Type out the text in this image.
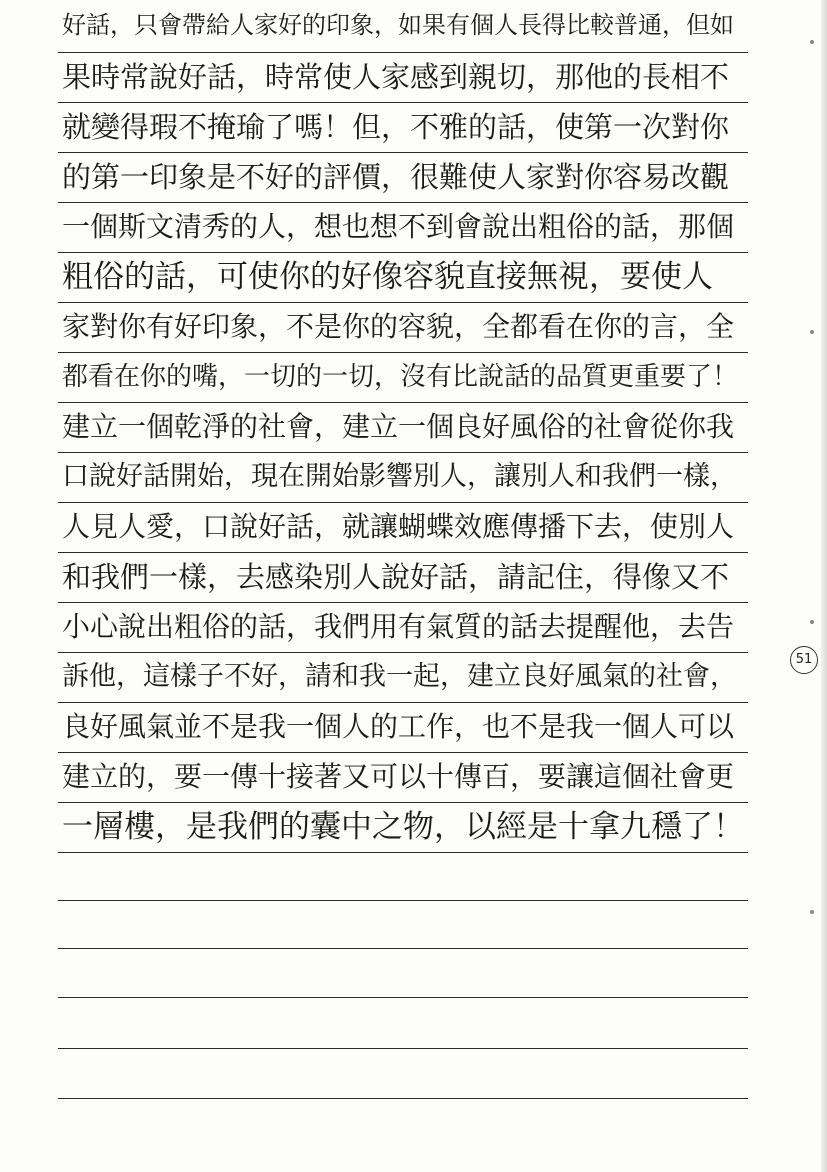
好話，只會帶給人家好的印象，如果有個人長得比較普通，但如
果時常說好話，時常使人家感到親切，那他的長相不
就變得瑕不掩瑜了嗎！但，不雅的話，使第一次對你
的第一印象是不好的評價，很難使人家對你容易改觀
一個斯文清秀的人，想也想不到會說出粗俗的話，那個
粗俗的話，可使你的好像容貌直接無視，要使人
家對你有好印象，不是你的容貌，全都看在你的言，全
都看在你的嘴，一切的一切，沒有比說話的品質更重要了！
建立一個乾淨的社會，建立一個良好風俗的社會從你我
口說好話開始，現在開始影響別人，讓別人和我們一樣，
人見人愛，口說好話，就讓蝴蝶效應傳播下去，使別人
和我們一樣，去感染別人說好話，請記住，得像又不
小心說出粗俗的話，我們用有氣質的話去提醒他，去告
訴他，這樣子不好，請和我一起，建立良好風氣的社會，
良好風氣並不是我一個人的工作，也不是我一個人可以
建立的，要一傳十接著又可以十傳百，要讓這個社會更
一層樓，是我們的囊中之物，以經是十拿九穩了！
51
